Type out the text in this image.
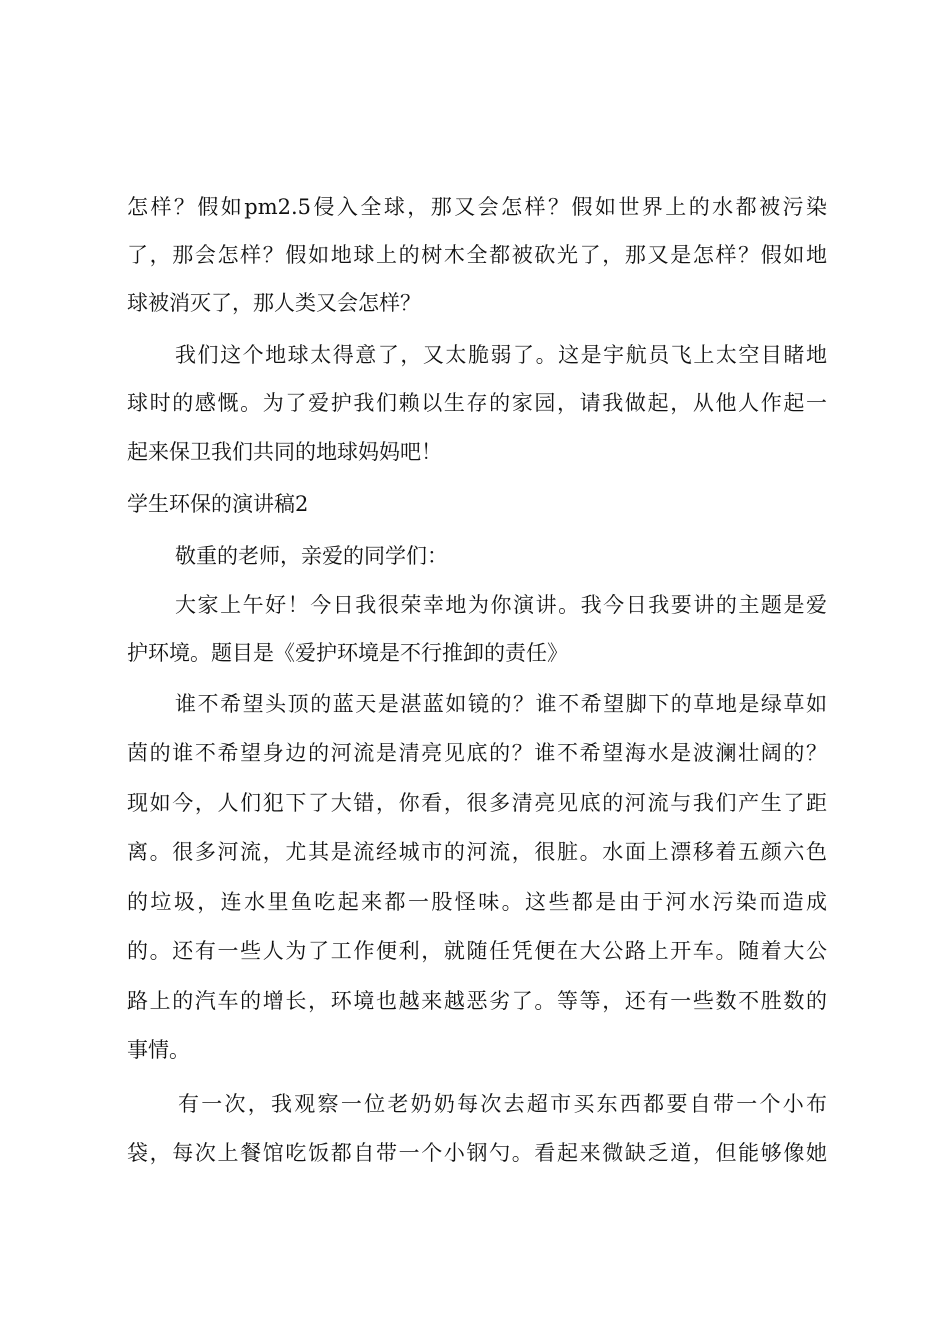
怎样？假如pm2.5侵入全球，那又会怎样？假如世界上的水都被污染
了，那会怎样？假如地球上的树木全都被砍光了，那又是怎样？假如地
球被消灭了，那人类又会怎样？
我们这个地球太得意了，又太脆弱了。这是宇航员飞上太空目睹地
球时的感慨。为了爱护我们赖以生存的家园，请我做起，从他人作起一
起来保卫我们共同的地球妈妈吧！
学生环保的演讲稿2
敬重的老师，亲爱的同学们：
大家上午好！今日我很荣幸地为你演讲。我今日我要讲的主题是爱
护环境。题目是《爱护环境是不行推卸的责任》
谁不希望头顶的蓝天是湛蓝如镜的？谁不希望脚下的草地是绿草如
茵的谁不希望身边的河流是清亮见底的？谁不希望海水是波澜壮阔的？
现如今，人们犯下了大错，你看，很多清亮见底的河流与我们产生了距
离。很多河流，尤其是流经城市的河流，很脏。水面上漂移着五颜六色
的垃圾，连水里鱼吃起来都一股怪味。这些都是由于河水污染而造成
的。还有一些人为了工作便利，就随任凭便在大公路上开车。随着大公
路上的汽车的增长，环境也越来越恶劣了。等等，还有一些数不胜数的
事情。
有一次，我观察一位老奶奶每次去超市买东西都要自带一个小布
袋，每次上餐馆吃饭都自带一个小钢勺。看起来微缺乏道，但能够像她
